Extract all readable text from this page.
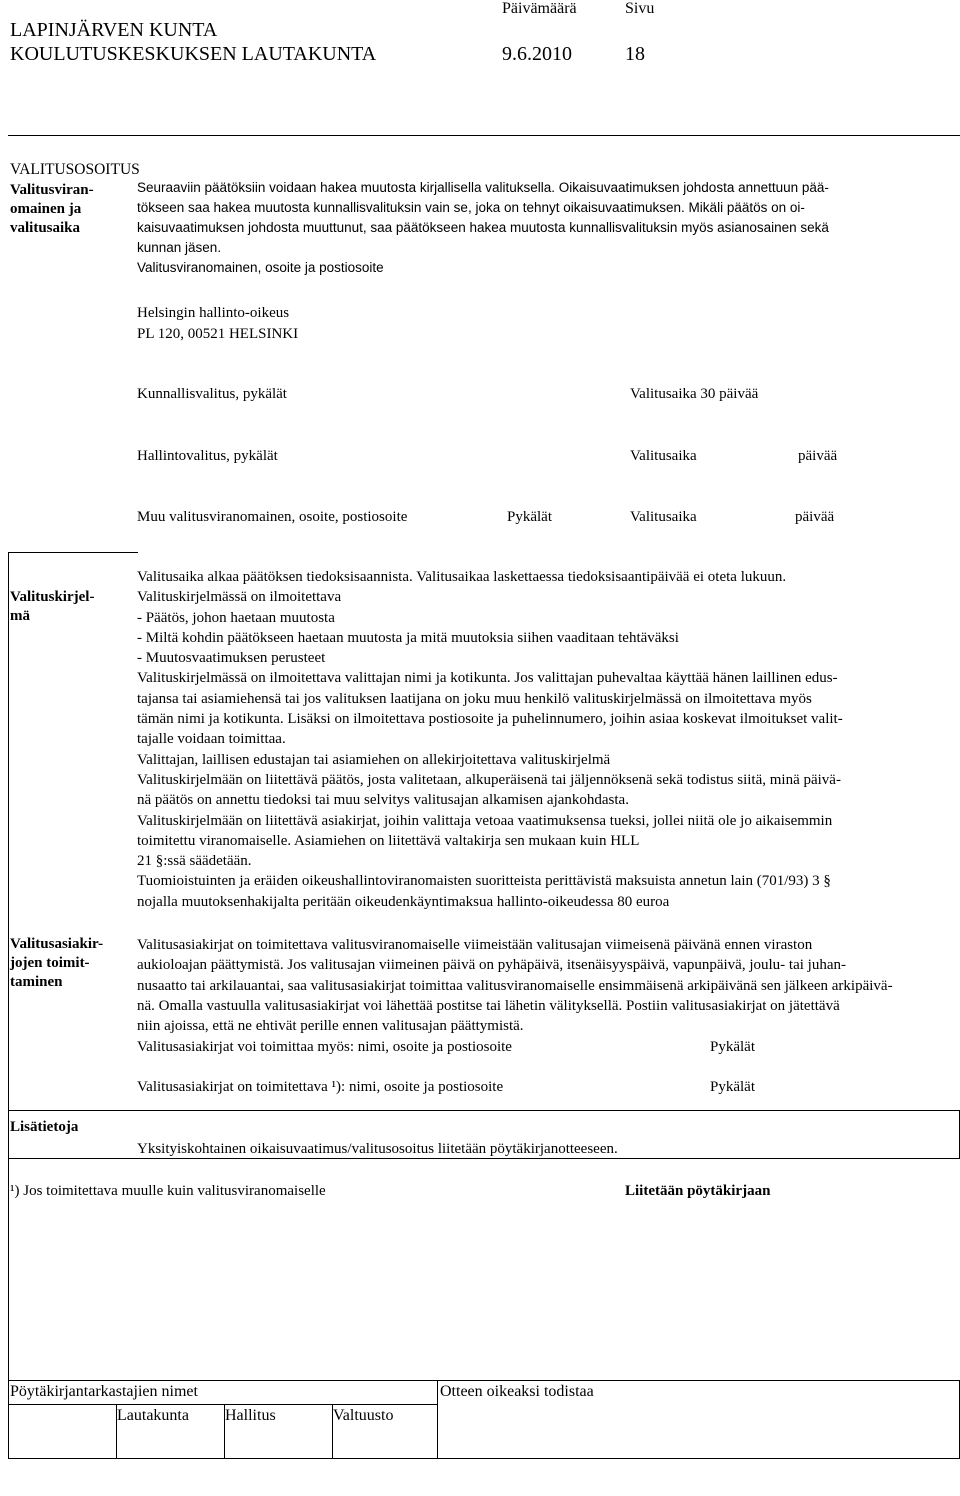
LAPINJÄRVEN KUNTA
KOULUTUSKESKUKSEN LAUTAKUNTA
Päivämäärä	Sivu
9.6.2010	18
VALITUSOSOITUS
Valitusviran-
omainen ja
valitusaika
Seuraaviin päätöksiin voidaan hakea muutosta kirjallisella valituksella. Oikaisuvaatimuksen johdosta annettuun pää-
tökseen saa hakea muutosta kunnallisvalituksin vain se, joka on tehnyt oikaisuvaatimuksen. Mikäli päätös on oi-
kaisuvaatimuksen johdosta muuttunut, saa päätökseen hakea muutosta kunnallisvalituksin myös asianosainen sekä
kunnan jäsen.
Valitusviranomainen, osoite ja postiosoite
Helsingin hallinto-oikeus
PL 120, 00521 HELSINKI
Kunnallisvalitus, pykälät	Valitusaika 30 päivää
Hallintovalitus, pykälät	Valitusaika	päivää
Muu valitusviranomainen, osoite, postiosoite	Pykälät	Valitusaika	päivää
Valituskirjel-
mä
Valitusaika alkaa päätöksen tiedoksisaannista. Valitusaikaa laskettaessa tiedoksisaantipäivää ei oteta lukuun.
Valituskirjelmässä on ilmoitettava
- Päätös, johon haetaan muutosta
- Miltä kohdin päätökseen haetaan muutosta ja mitä muutoksia siihen vaaditaan tehtäväksi
- Muutosvaatimuksen perusteet
Valituskirjelmässä on ilmoitettava valittajan nimi ja kotikunta. Jos valittajan puhevaltaa käyttää hänen laillinen edus-
tajansa tai asiamiehensä tai jos valituksen laatijana on joku muu henkilö valituskirjelmässä on ilmoitettava myös
tämän nimi ja kotikunta. Lisäksi on ilmoitettava postiosoite ja puhelinnumero, joihin asiaa koskevat ilmoitukset valit-
tajalle voidaan toimittaa.
Valittajan, laillisen edustajan tai asiamiehen on allekirjoitettava valituskirjelmä
Valituskirjelmään on liitettävä päätös, josta valitetaan, alkuperäisenä tai jäljennöksenä sekä todistus siitä, minä päivä-
nä päätös on annettu tiedoksi tai muu selvitys valitusajan alkamisen ajankohdasta.
Valituskirjelmään on liitettävä asiakirjat, joihin valittaja vetoaa vaatimuksensa tueksi, jollei niitä ole jo aikaisemmin
toimitettu viranomaiselle. Asiamiehen on liitettävä valtakirja sen mukaan kuin HLL
21 §:ssä säädetään.
Tuomioistuinten ja eräiden oikeushallintoviranomaisten suoritteista perittävistä maksuista annetun lain (701/93) 3 §
nojalla muutoksenhakijalta peritään oikeudenkäyntimaksua hallinto-oikeudessa 80 euroa
Valitusasiakir-
jojen toimit-
taminen
Valitusasiakirjat on toimitettava valitusviranomaiselle viimeistään valitusajan viimeisenä päivänä ennen viraston
aukioloajan päättymistä. Jos valitusajan viimeinen päivä on pyhäpäivä, itsenäisyyspäivä, vapunpäivä, joulu- tai juhan-
nusaatto tai arkilauantai, saa valitusasiakirjat toimittaa valitusviranomaiselle ensimmäisenä arkipäivänä sen jälkeen arkipäivä-
nä. Omalla vastuulla valitusasiakirjat voi lähettää postitse tai lähetin välityksellä. Postiin valitusasiakirjat on jätettävä
niin ajoissa, että ne ehtivät perille ennen valitusajan päättymistä.
Valitusasiakirjat voi toimittaa myös: nimi, osoite ja postiosoite	Pykälät
Valitusasiakirjat on toimitettava ¹): nimi, osoite ja postiosoite	Pykälät
Lisätietoja
Yksityiskohtainen oikaisuvaatimus/valitusosoitus liitetään pöytäkirjanotteeseen.
¹) Jos toimitettava muulle kuin valitusviranomaiselle	Liitetään pöytäkirjaan
Pöytäkirjantarkastajien nimet	Otteen oikeaksi todistaa
Lautakunta Hallitus	Valtuusto
